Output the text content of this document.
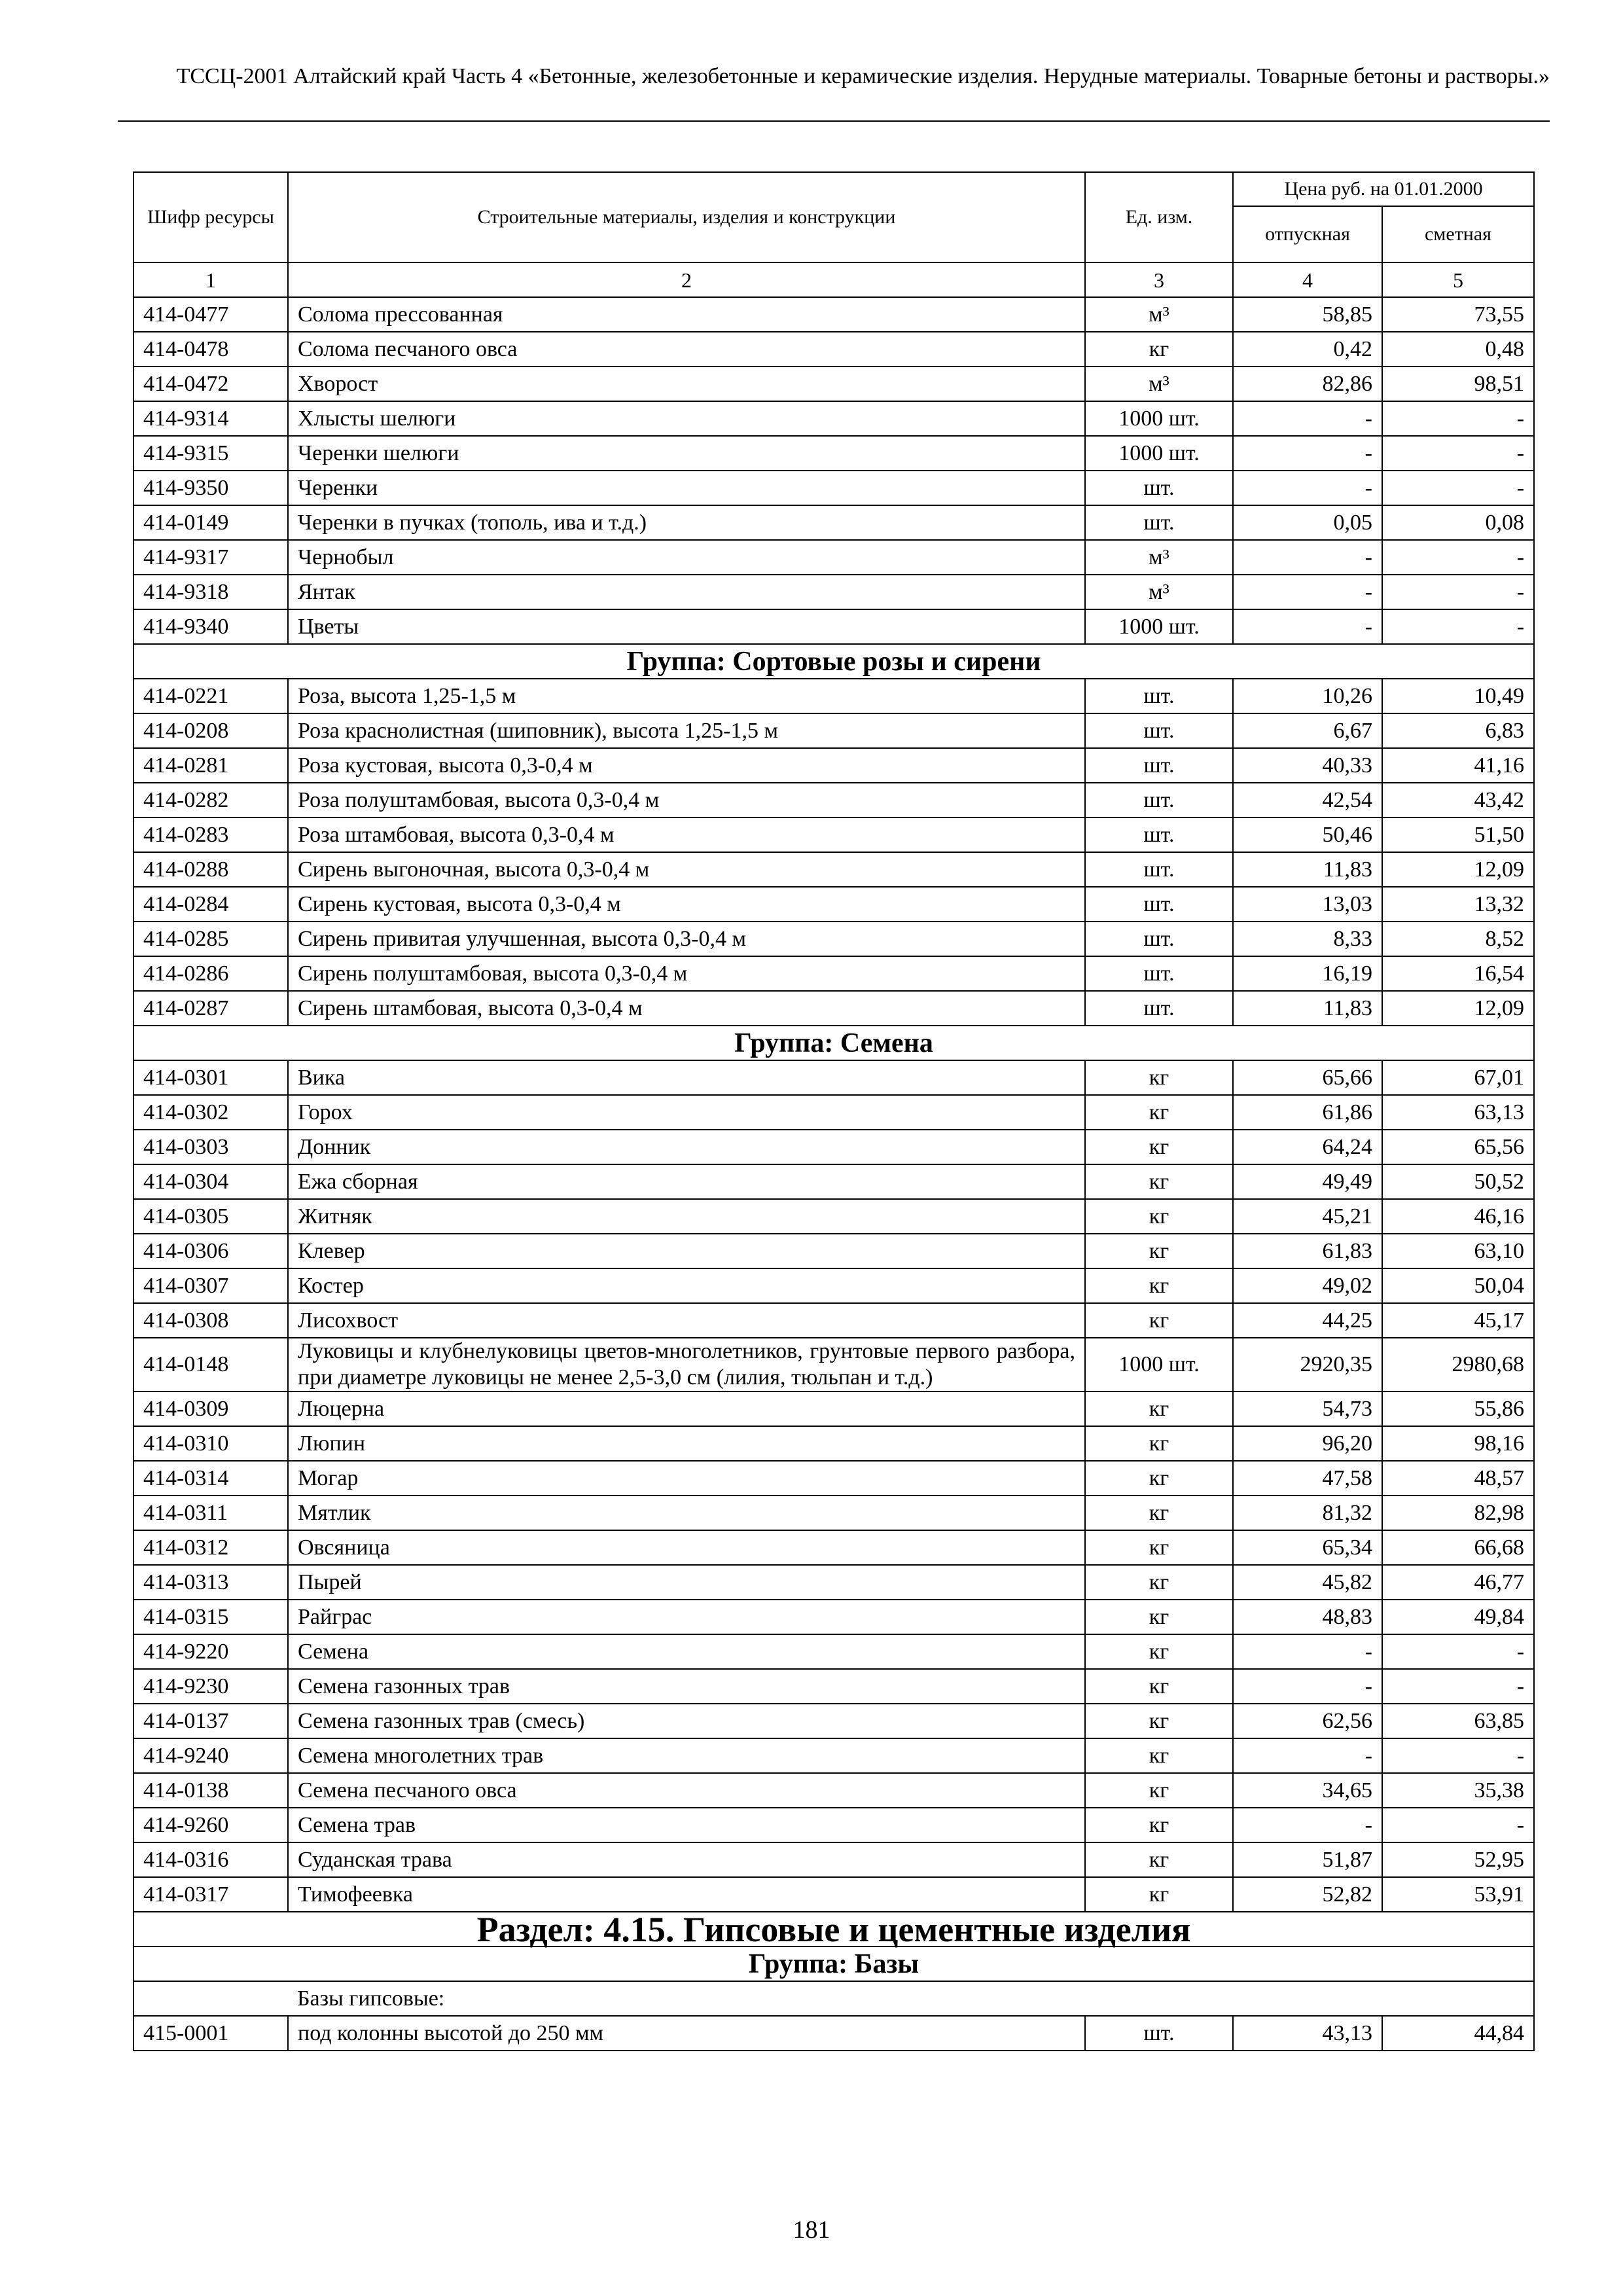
ТССЦ-2001 Алтайский край Часть 4 «Бетонные, железобетонные и керамические изделия. Нерудные материалы. Товарные бетоны и растворы.»
Шифр ресурсы	Строительные материалы, изделия и конструкции	Ед. изм.	Цена руб. на 01.01.2000	
			отпускная	сметная
1	2	3	4	5
414-0477	Солома прессованная	м³	58,85	73,55
414-0478	Солома песчаного овса	кг	0,42	0,48
414-0472	Хворост	м³	82,86	98,51
414-9314	Хлысты шелюги	1000 шт.	-	-
414-9315	Черенки шелюги	1000 шт.	-	-
414-9350	Черенки	шт.	-	-
414-0149	Черенки в пучках (тополь, ива и т.д.)	шт.	0,05	0,08
414-9317	Чернобыл	м³	-	-
414-9318	Янтак	м³	-	-
414-9340	Цветы	1000 шт.	-	-
Группа: Сортовые розы и сирени				
414-0221	Роза, высота 1,25-1,5 м	шт.	10,26	10,49
414-0208	Роза краснолистная (шиповник), высота 1,25-1,5 м	шт.	6,67	6,83
414-0281	Роза кустовая, высота 0,3-0,4 м	шт.	40,33	41,16
414-0282	Роза полуштамбовая, высота 0,3-0,4 м	шт.	42,54	43,42
414-0283	Роза штамбовая, высота 0,3-0,4 м	шт.	50,46	51,50
414-0288	Сирень выгоночная, высота 0,3-0,4 м	шт.	11,83	12,09
414-0284	Сирень кустовая, высота 0,3-0,4 м	шт.	13,03	13,32
414-0285	Сирень привитая улучшенная, высота 0,3-0,4 м	шт.	8,33	8,52
414-0286	Сирень полуштамбовая, высота 0,3-0,4 м	шт.	16,19	16,54
414-0287	Сирень штамбовая, высота 0,3-0,4 м	шт.	11,83	12,09
Группа: Семена				
414-0301	Вика	кг	65,66	67,01
414-0302	Горох	кг	61,86	63,13
414-0303	Донник	кг	64,24	65,56
414-0304	Ежа сборная	кг	49,49	50,52
414-0305	Житняк	кг	45,21	46,16
414-0306	Клевер	кг	61,83	63,10
414-0307	Костер	кг	49,02	50,04
414-0308	Лисохвост	кг	44,25	45,17
414-0148	Луковицы и клубнелуковицы цветов-многолетников, грунтовые первого разбора, при диаметре луковицы не менее 2,5-3,0 см (лилия, тюльпан и т.д.)	1000 шт.	2920,35	2980,68
414-0309	Люцерна	кг	54,73	55,86
414-0310	Люпин	кг	96,20	98,16
414-0314	Могар	кг	47,58	48,57
414-0311	Мятлик	кг	81,32	82,98
414-0312	Овсяница	кг	65,34	66,68
414-0313	Пырей	кг	45,82	46,77
414-0315	Райграс	кг	48,83	49,84
414-9220	Семена	кг	-	-
414-9230	Семена газонных трав	кг	-	-
414-0137	Семена газонных трав (смесь)	кг	62,56	63,85
414-9240	Семена многолетних трав	кг	-	-
414-0138	Семена песчаного овса	кг	34,65	35,38
414-9260	Семена трав	кг	-	-
414-0316	Суданская трава	кг	51,87	52,95
414-0317	Тимофеевка	кг	52,82	53,91
Раздел: 4.15. Гипсовые и цементные изделия				
Группа: Базы				
	Базы гипсовые:			
415-0001	под колонны высотой до 250 мм	шт.	43,13	44,84
181
